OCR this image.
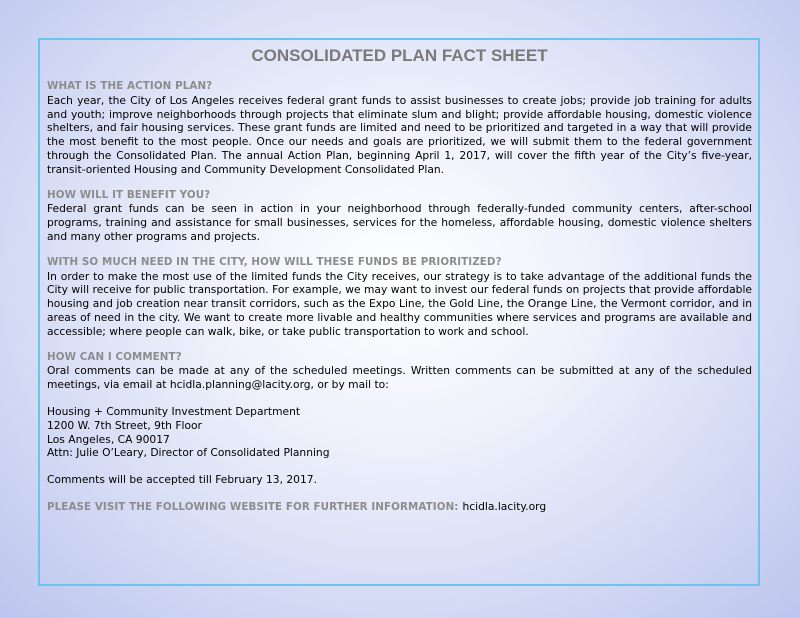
CONSOLIDATED PLAN FACT SHEET
WHAT IS THE ACTION PLAN?
Each year, the City of Los Angeles receives federal grant funds to assist businesses to create jobs; provide job training for adults and youth; improve neighborhoods through projects that eliminate slum and blight; provide affordable housing, domestic violence shelters, and fair housing services. These grant funds are limited and need to be prioritized and targeted in a way that will provide the most benefit to the most people. Once our needs and goals are prioritized, we will submit them to the federal government through the Consolidated Plan. The annual Action Plan, beginning April 1, 2017, will cover the fifth year of the City’s five-year, transit-oriented Housing and Community Development Consolidated Plan.
HOW WILL IT BENEFIT YOU?
Federal grant funds can be seen in action in your neighborhood through federally-funded community centers, after-school programs, training and assistance for small businesses, services for the homeless, affordable housing, domestic violence shelters and many other programs and projects.
WITH SO MUCH NEED IN THE CITY, HOW WILL THESE FUNDS BE PRIORITIZED?
In order to make the most use of the limited funds the City receives, our strategy is to take advantage of the additional funds the City will receive for public transportation. For example, we may want to invest our federal funds on projects that provide affordable housing and job creation near transit corridors, such as the Expo Line, the Gold Line, the Orange Line, the Vermont corridor, and in areas of need in the city. We want to create more livable and healthy communities where services and programs are available and accessible; where people can walk, bike, or take public transportation to work and school.
HOW CAN I COMMENT?
Oral comments can be made at any of the scheduled meetings. Written comments can be submitted at any of the scheduled meetings, via email at hcidla.planning@lacity.org, or by mail to:
Housing + Community Investment Department
1200 W. 7th Street, 9th Floor
Los Angeles, CA 90017
Attn: Julie O’Leary, Director of Consolidated Planning
Comments will be accepted till February 13, 2017.
PLEASE VISIT THE FOLLOWING WEBSITE FOR FURTHER INFORMATION: hcidla.lacity.org
